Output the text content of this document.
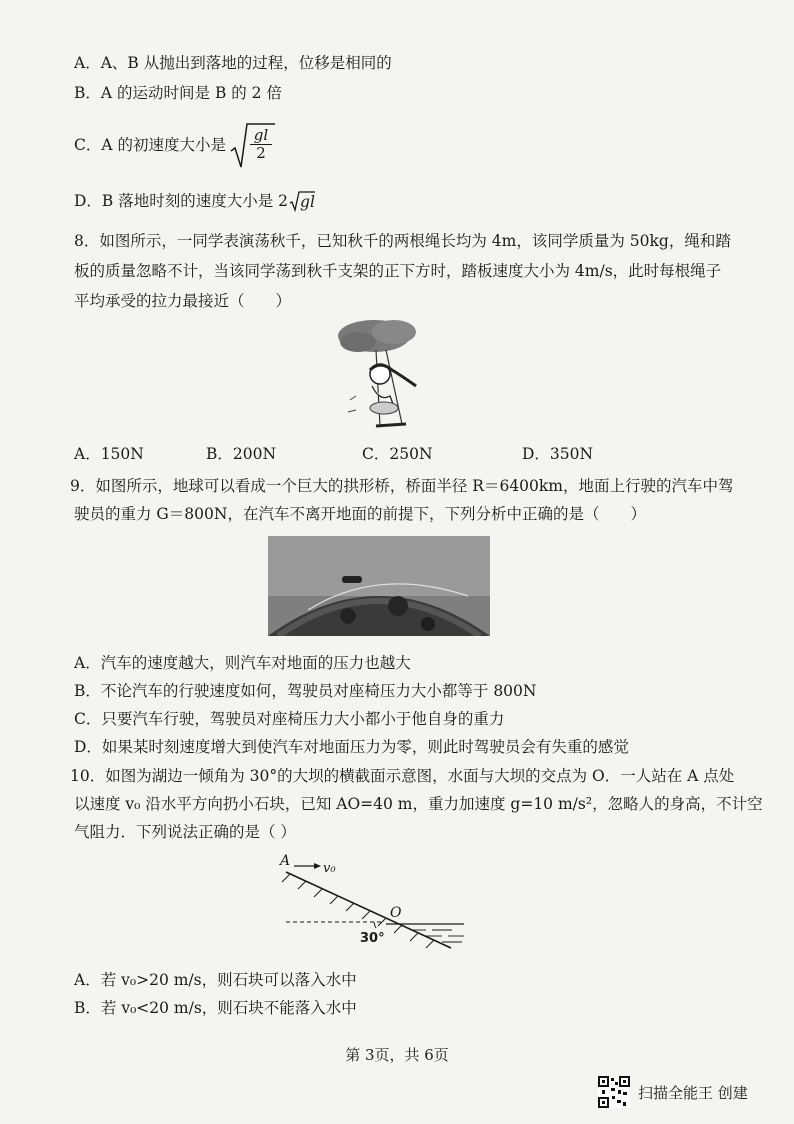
A．A、B 从抛出到落地的过程，位移是相同的
B．A 的运动时间是 B 的 2 倍
C．A 的初速度大小是
gl
2
D．B 落地时刻的速度大小是 2 gl
8．如图所示，一同学表演荡秋千，已知秋千的两根绳长均为 4m，该同学质量为 50kg，绳和踏
板的质量忽略不计，当该同学荡到秋千支架的正下方时，踏板速度大小为 4m/s，此时每根绳子
平均承受的拉力最接近（　　）
A．150N	B．200N	C．250N	D．350N
9．如图所示，地球可以看成一个巨大的拱形桥，桥面半径 R＝6400km，地面上行驶的汽车中驾
驶员的重力 G＝800N，在汽车不离开地面的前提下，下列分析中正确的是（　　）
A．汽车的速度越大，则汽车对地面的压力也越大
B．不论汽车的行驶速度如何，驾驶员对座椅压力大小都等于 800N
C．只要汽车行驶，驾驶员对座椅压力大小都小于他自身的重力
D．如果某时刻速度增大到使汽车对地面压力为零，则此时驾驶员会有失重的感觉
10．如图为湖边一倾角为 30°的大坝的横截面示意图，水面与大坝的交点为 O．一人站在 A 点处
以速度 v₀ 沿水平方向扔小石块，已知 AO=40 m，重力加速度 g=10 m/s²，忽略人的身高，不计空
气阻力．下列说法正确的是（ ）
A	v₀
O
30°
A．若 v₀>20 m/s，则石块可以落入水中
B．若 v₀<20 m/s，则石块不能落入水中
第 3页，共 6页
扫描全能王 创建
